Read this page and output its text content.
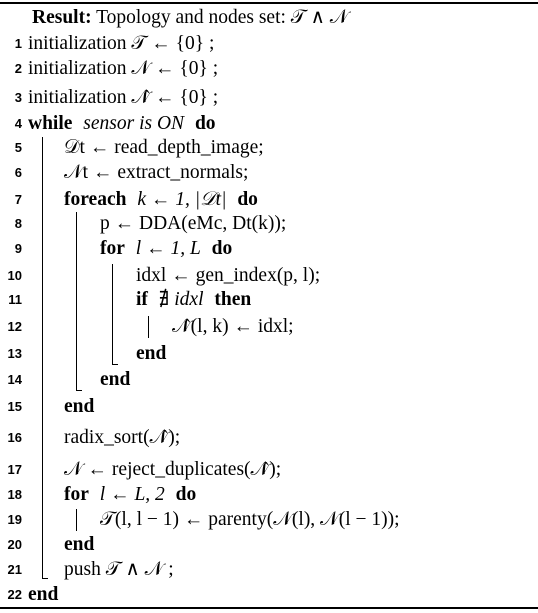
Result: Topology and nodes set: 𝒯 ∧ 𝒩
1 initialization 𝒯 ← {0} ;
2 initialization 𝒩 ← {0} ;
3 initialization 𝒩̂ ← {0} ;
4 while sensor is ON do
5 𝒟t ← read_depth_image;
6 𝒩t ← extract_normals;
7 foreach k ← 1, |𝒟t| do
8	p ← DDA(eMc, Dt(k));
9	for l ← 1, L do
10	idxl ← gen_index(p, l);
11	if ∄ idxl then
12	𝒩̂(l, k) ← idxl;
13	end
14	end
15 end
16 radix_sort(𝒩̂);
17 𝒩 ← reject_duplicates(𝒩̂);
18 for l ← L, 2 do
19	𝒯(l, l − 1) ← parenty(𝒩(l), 𝒩(l − 1));
20 end
21 push 𝒯 ∧ 𝒩 ;
22 end
